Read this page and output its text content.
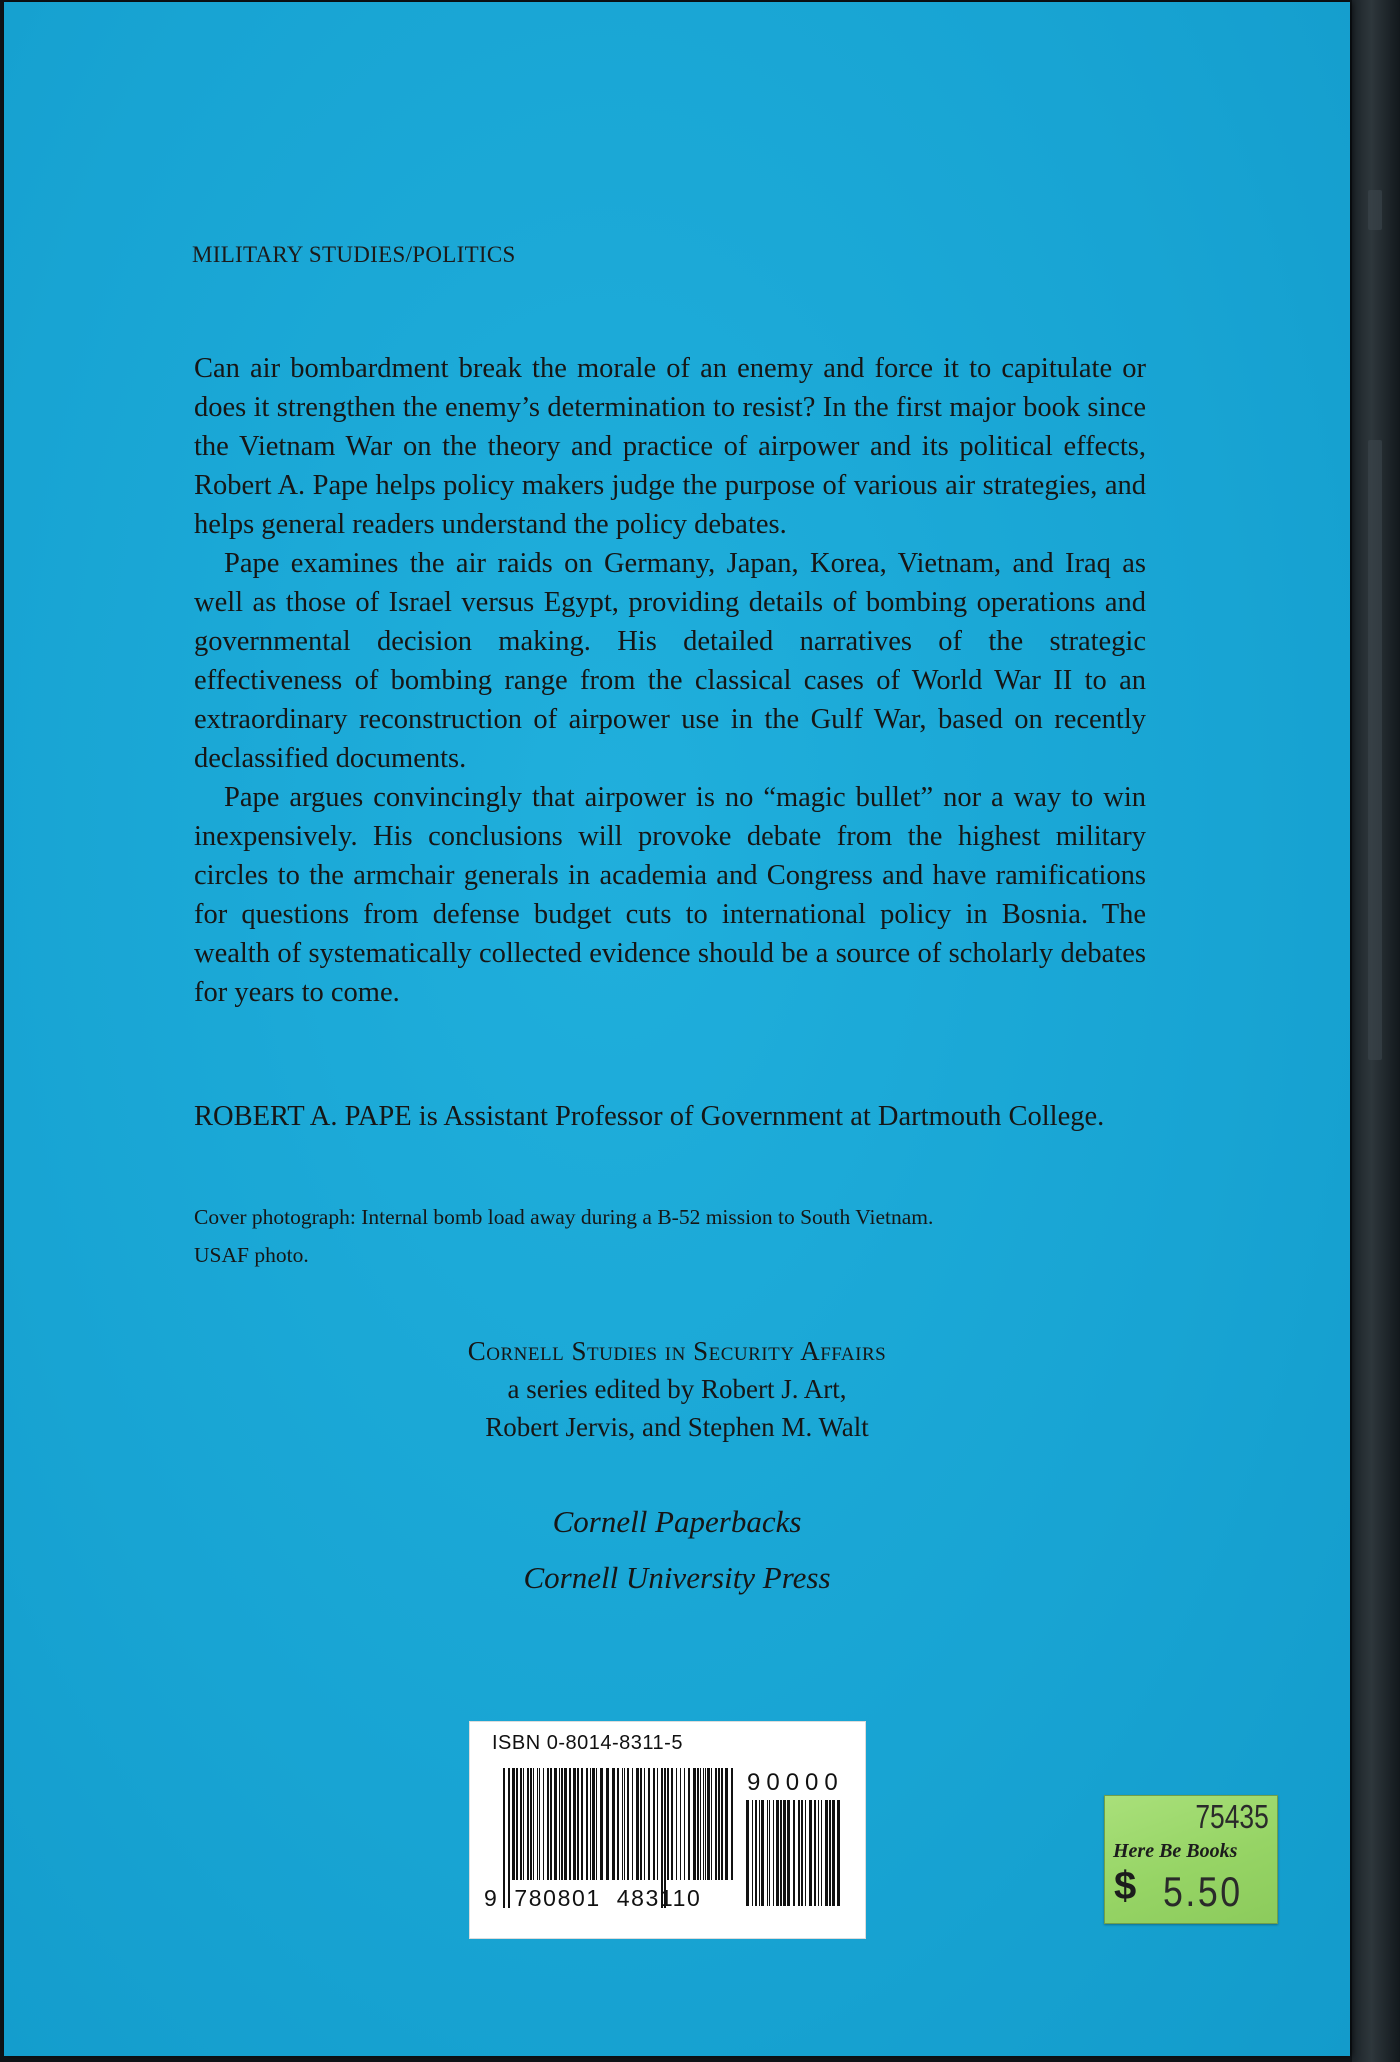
MILITARY STUDIES/POLITICS

Can air bombardment break the morale of an enemy and force it to capitulate or does it strengthen the enemy’s determination to resist? In the first major book since the Vietnam War on the theory and practice of airpower and its political effects, Robert A. Pape helps policy makers judge the purpose of various air strategies, and helps general readers understand the policy debates.

Pape examines the air raids on Germany, Japan, Korea, Vietnam, and Iraq as well as those of Israel versus Egypt, providing details of bombing operations and governmental decision making. His detailed narratives of the strategic effectiveness of bombing range from the classical cases of World War II to an extraordinary reconstruction of airpower use in the Gulf War, based on recently declassified documents.

Pape argues convincingly that airpower is no “magic bullet” nor a way to win inexpensively. His conclusions will provoke debate from the highest military circles to the armchair generals in academia and Congress and have ramifications for questions from defense budget cuts to international policy in Bosnia. The wealth of systematically collected evidence should be a source of scholarly debates for years to come.

ROBERT A. PAPE is Assistant Professor of Government at Dartmouth College.
Cover photograph: Internal bomb load away during a B-52 mission to South Vietnam.
USAF photo.
Cornell Studies in Security Affairs
a series edited by Robert J. Art,
Robert Jervis, and Stephen M. Walt
Cornell Paperbacks
Cornell University Press
ISBN 0-8014-8311-5
90000
9 780801 483110
75435
Here Be Books
$ 5.50
